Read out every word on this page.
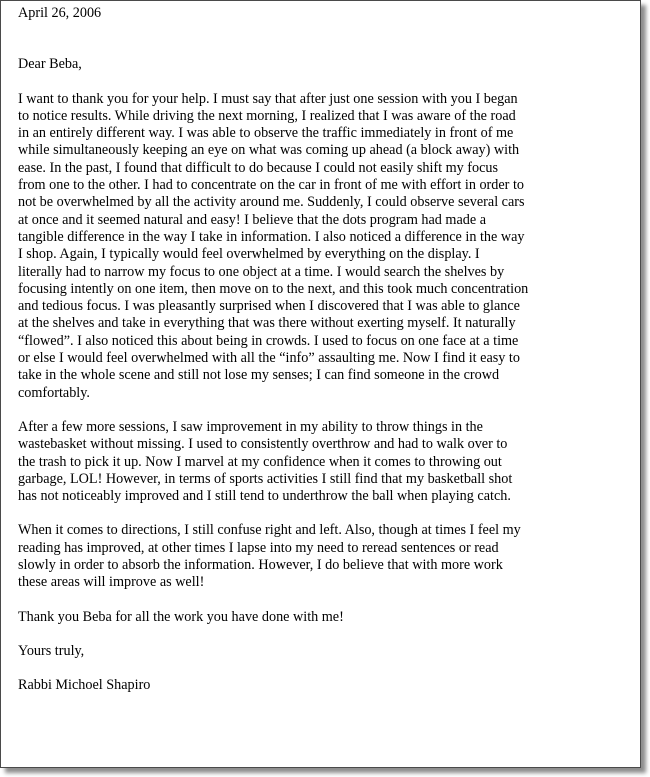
April 26, 2006

Dear Beba,

I want to thank you for your help. I must say that after just one session with you I began
to notice results. While driving the next morning, I realized that I was aware of the road
in an entirely different way. I was able to observe the traffic immediately in front of me
while simultaneously keeping an eye on what was coming up ahead (a block away) with
ease. In the past, I found that difficult to do because I could not easily shift my focus
from one to the other. I had to concentrate on the car in front of me with effort in order to
not be overwhelmed by all the activity around me. Suddenly, I could observe several cars
at once and it seemed natural and easy! I believe that the dots program had made a
tangible difference in the way I take in information. I also noticed a difference in the way
I shop. Again, I typically would feel overwhelmed by everything on the display. I
literally had to narrow my focus to one object at a time. I would search the shelves by
focusing intently on one item, then move on to the next, and this took much concentration
and tedious focus. I was pleasantly surprised when I discovered that I was able to glance
at the shelves and take in everything that was there without exerting myself. It naturally
“flowed”. I also noticed this about being in crowds. I used to focus on one face at a time
or else I would feel overwhelmed with all the “info” assaulting me. Now I find it easy to
take in the whole scene and still not lose my senses; I can find someone in the crowd
comfortably.

After a few more sessions, I saw improvement in my ability to throw things in the
wastebasket without missing. I used to consistently overthrow and had to walk over to
the trash to pick it up. Now I marvel at my confidence when it comes to throwing out
garbage, LOL! However, in terms of sports activities I still find that my basketball shot
has not noticeably improved and I still tend to underthrow the ball when playing catch.

When it comes to directions, I still confuse right and left. Also, though at times I feel my
reading has improved, at other times I lapse into my need to reread sentences or read
slowly in order to absorb the information. However, I do believe that with more work
these areas will improve as well!

Thank you Beba for all the work you have done with me!

Yours truly,

Rabbi Michoel Shapiro
